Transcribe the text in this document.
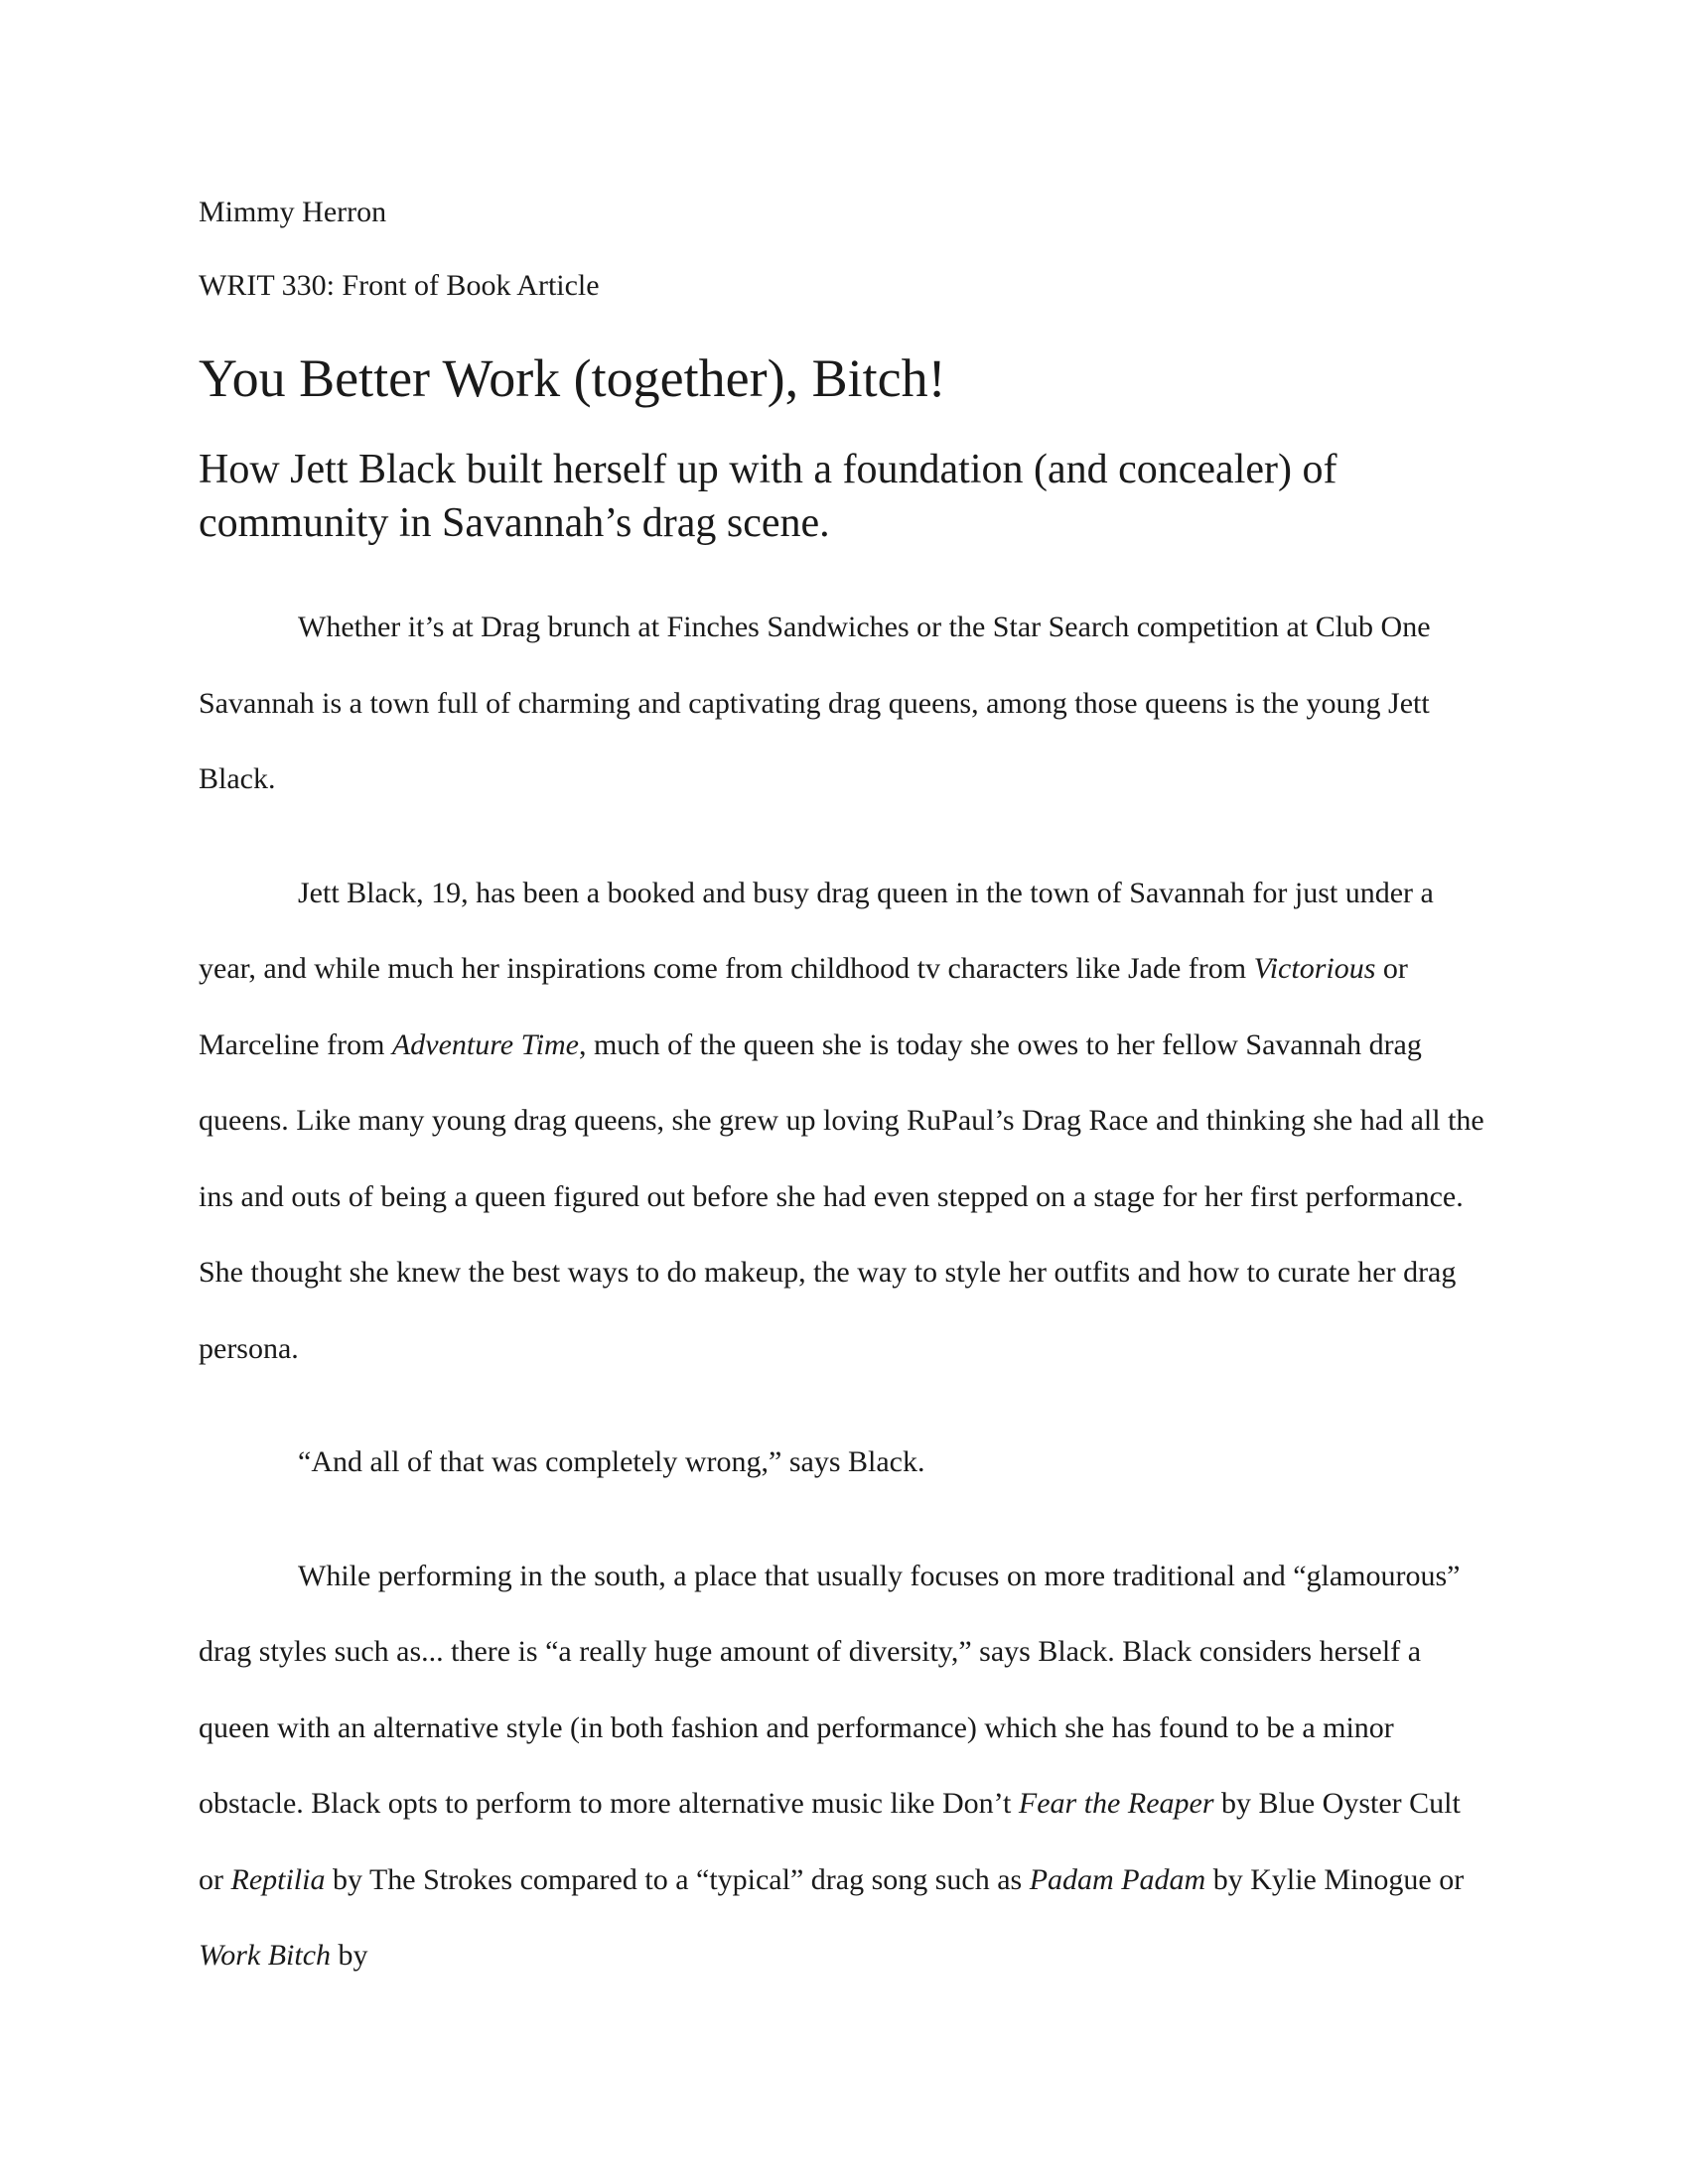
Mimmy Herron

WRIT 330: Front of Book Article

You Better Work (together), Bitch!
How Jett Black built herself up with a foundation (and concealer) of community in Savannah’s drag scene.

Whether it’s at Drag brunch at Finches Sandwiches or the Star Search competition at Club One Savannah is a town full of charming and captivating drag queens, among those queens is the young Jett Black.

Jett Black, 19, has been a booked and busy drag queen in the town of Savannah for just under a year, and while much her inspirations come from childhood tv characters like Jade from Victorious or Marceline from Adventure Time, much of the queen she is today she owes to her fellow Savannah drag queens. Like many young drag queens, she grew up loving RuPaul’s Drag Race and thinking she had all the ins and outs of being a queen figured out before she had even stepped on a stage for her first performance. She thought she knew the best ways to do makeup, the way to style her outfits and how to curate her drag persona.

“And all of that was completely wrong,” says Black.

While performing in the south, a place that usually focuses on more traditional and “glamourous” drag styles such as... there is “a really huge amount of diversity,” says Black. Black considers herself a queen with an alternative style (in both fashion and performance) which she has found to be a minor obstacle. Black opts to perform to more alternative music like Don’t Fear the Reaper by Blue Oyster Cult or Reptilia by The Strokes compared to a “typical” drag song such as Padam Padam by Kylie Minogue or Work Bitch by
